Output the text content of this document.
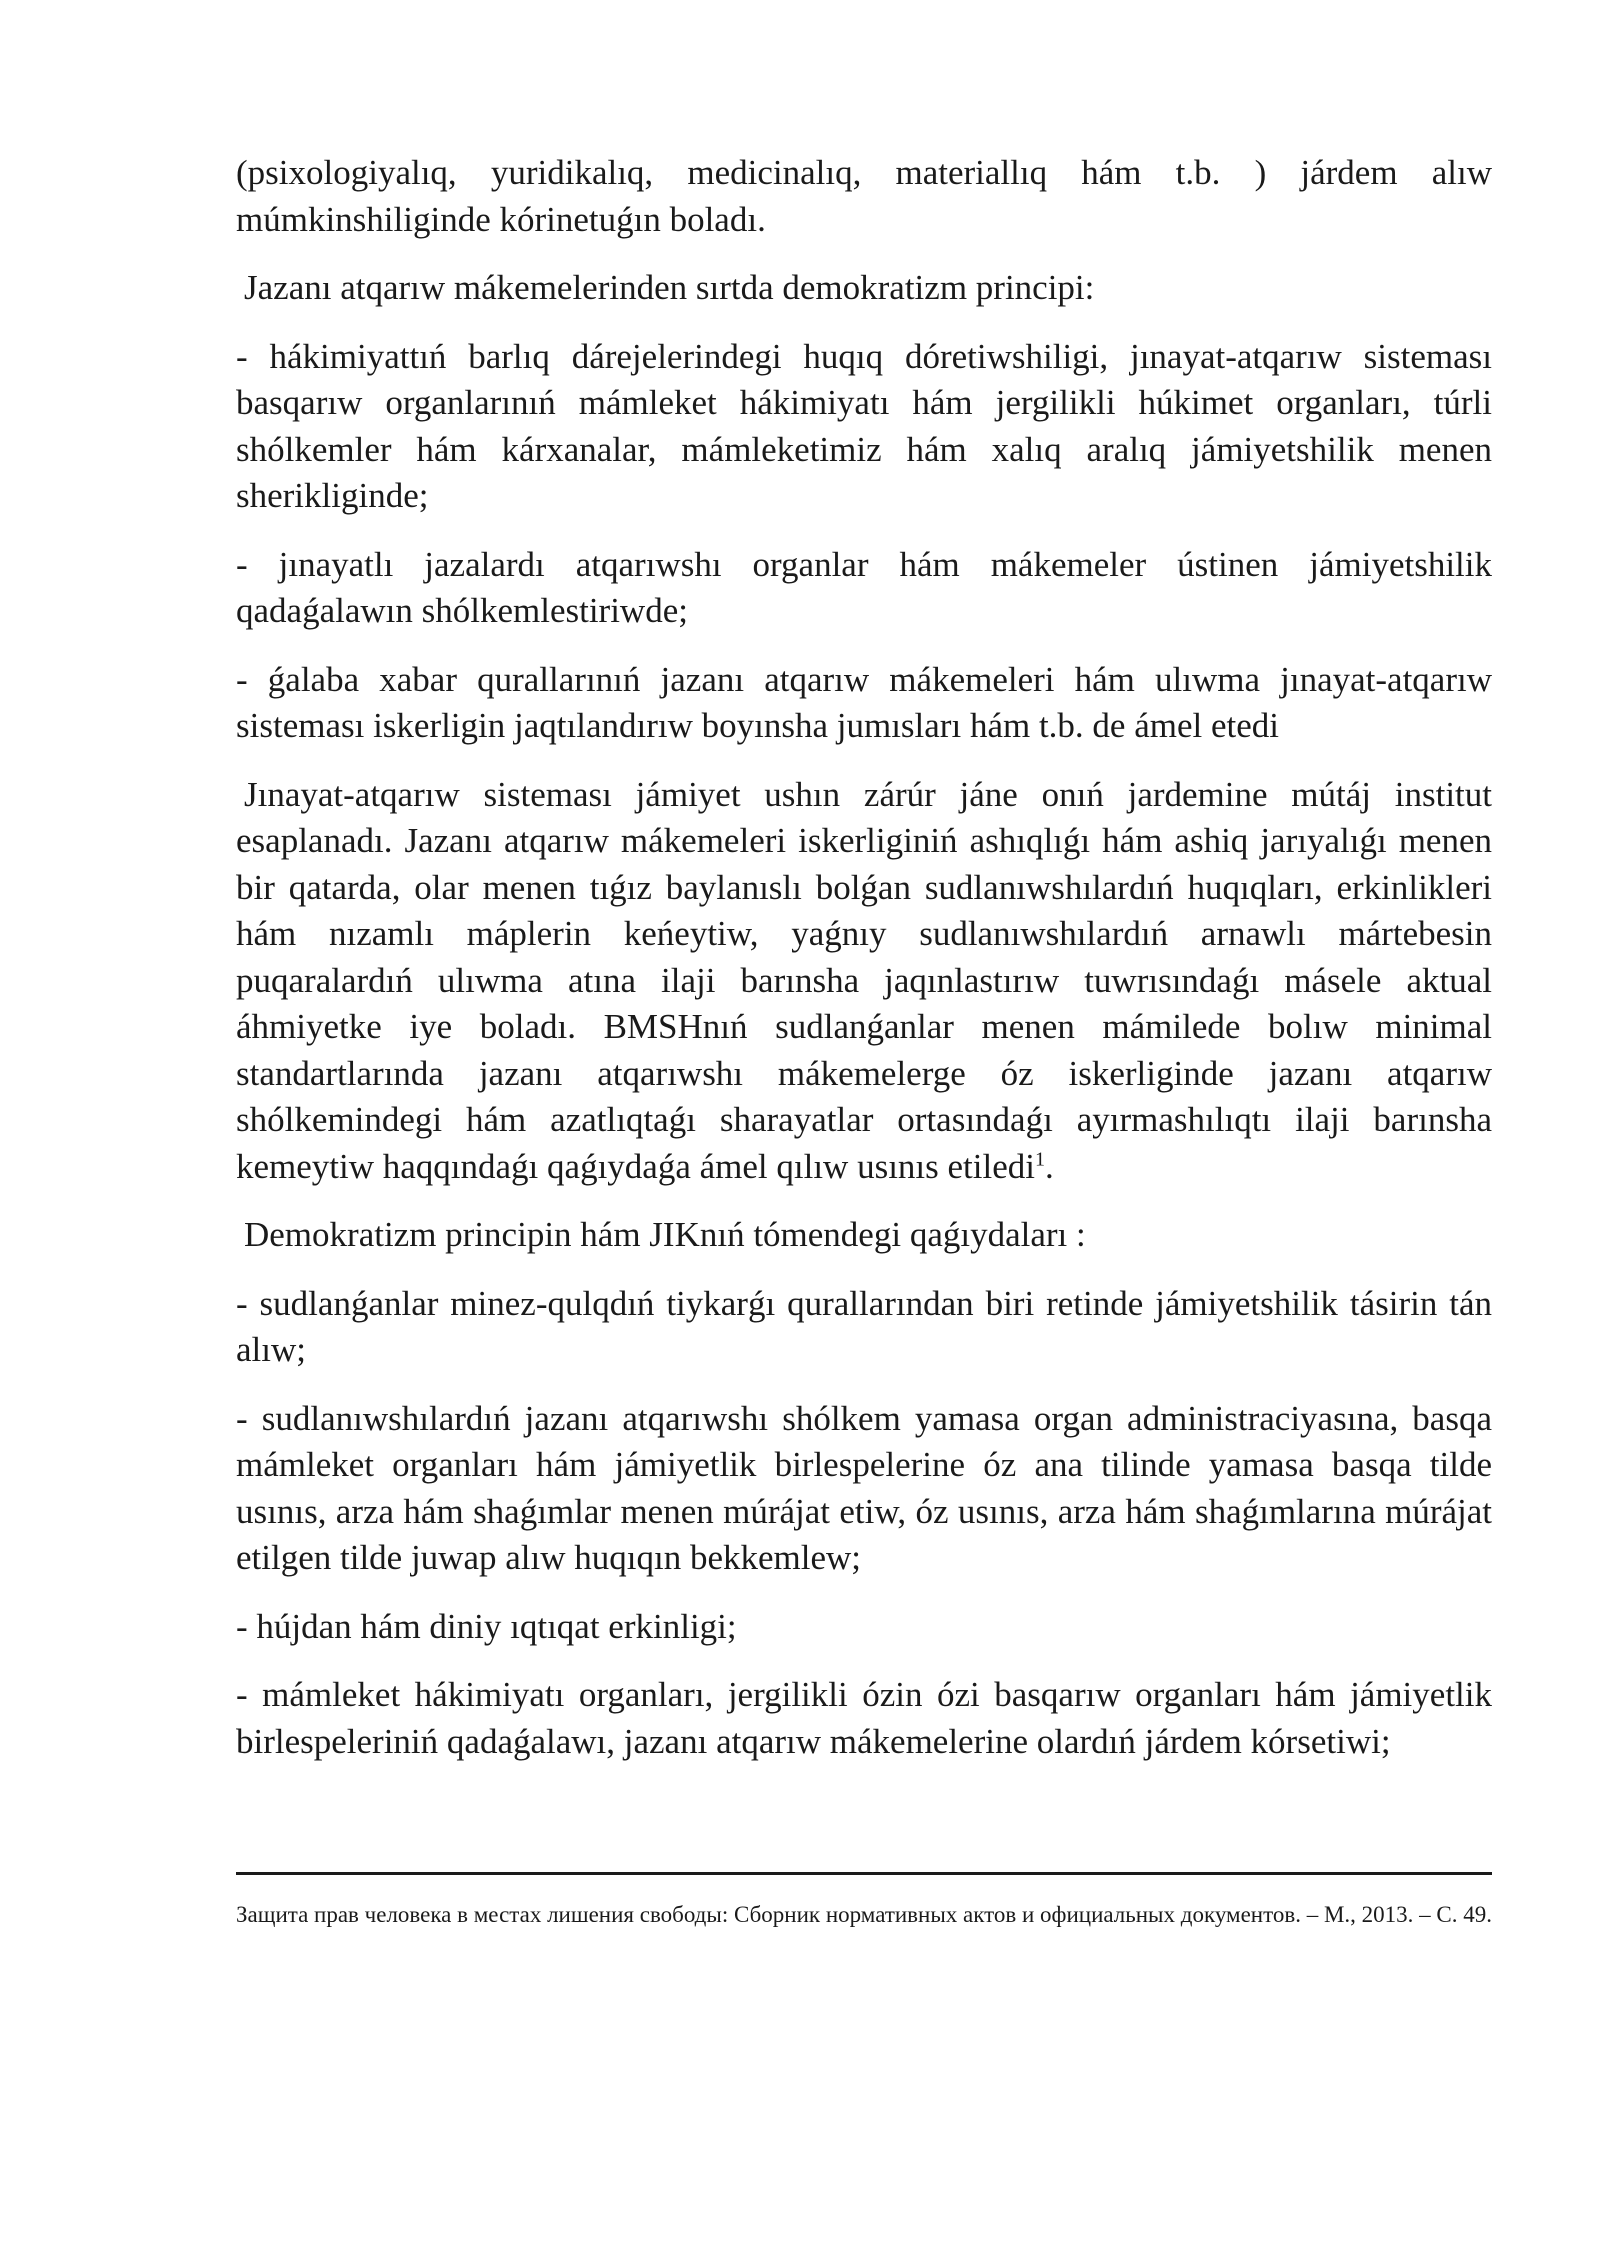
(psixologiyalıq, yuridikalıq, medicinalıq, materiallıq hám t.b. ) járdem alıw múmkinshiliginde kórinetuǵın boladı.

Jazanı atqarıw mákemelerinden sırtda demokratizm principi:

- hákimiyattıń barlıq dárejelerindegi huqıq dóretiwshiligi, jınayat-atqarıw sisteması basqarıw organlarınıń mámleket hákimiyatı hám jergilikli húkimet organları, túrli shólkemler hám kárxanalar, mámleketimiz hám xalıq aralıq jámiyetshilik menen sherikliginde;

- jınayatlı jazalardı atqarıwshı organlar hám mákemeler ústinen jámiyetshilik qadaǵalawın shólkemlestiriwde;

- ǵalaba xabar qurallarınıń jazanı atqarıw mákemeleri hám ulıwma jınayat-atqarıw sisteması iskerligin jaqtılandırıw boyınsha jumısları hám t.b. de ámel etedi

Jınayat-atqarıw sisteması jámiyet ushın zárúr jáne onıń jardemine mútáj institut esaplanadı. Jazanı atqarıw mákemeleri iskerliginiń ashıqlıǵı hám ashiq jarıyalıǵı menen bir qatarda, olar menen tıǵız baylanıslı bolǵan sudlanıwshılardıń huqıqları, erkinlikleri hám nızamlı máplerin keńeytiw, yaǵnıy sudlanıwshılardıń arnawlı mártebesin puqaralardıń ulıwma atına ilaji barınsha jaqınlastırıw tuwrısındaǵı másele aktual áhmiyetke iye boladı. BMSHnıń sudlanǵanlar menen mámilede bolıw minimal standartlarında jazanı atqarıwshı mákemelerge óz iskerliginde jazanı atqarıw shólkemindegi hám azatlıqtaǵı sharayatlar ortasındaǵı ayırmashılıqtı ilaji barınsha kemeytiw haqqındaǵı qaǵıydaǵa ámel qılıw usınıs etiledi$^1$.

Demokratizm principin hám JIKnıń tómendegi qaǵıydaları :

- sudlanǵanlar minez-qulqdıń tiykarǵı qurallarından biri retinde jámiyetshilik tásirin tán alıw;

- sudlanıwshılardıń jazanı atqarıwshı shólkem yamasa organ administraciyasına, basqa mámleket organları hám jámiyetlik birlespelerine óz ana tilinde yamasa basqa tilde usınıs, arza hám shaǵımlar menen múrájat etiw, óz usınıs, arza hám shaǵımlarına múrájat etilgen tilde juwap alıw huqıqın bekkemlew;

- hújdan hám diniy ıqtıqat erkinligi;

- mámleket hákimiyatı organları, jergilikli ózin ózi basqarıw organları hám jámiyetlik birlespeleriniń qadaǵalawı, jazanı atqarıw mákemelerine olardıń járdem kórsetiwi;

Защита прав человека в местах лишения свободы: Сборник нормативных актов и официальных документов. – М., 2013. – С. 49.
